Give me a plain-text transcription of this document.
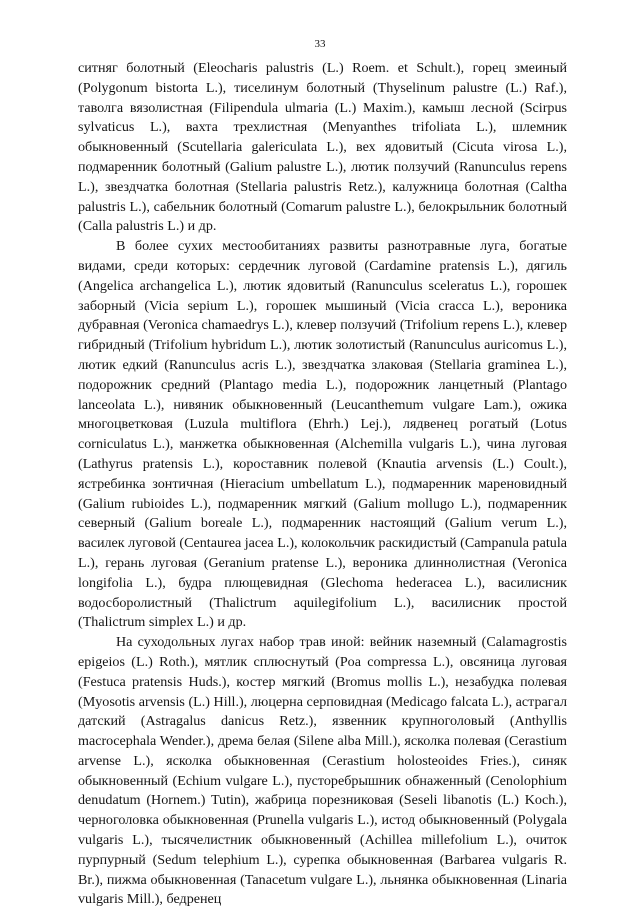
33

ситняг болотный (Eleocharis palustris (L.) Roem. et Schult.), горец змеиный (Polygonum bistorta L.), тиселинум болотный (Thyselinum palustre (L.) Raf.), таволга вязолистная (Filipendula ulmaria (L.) Maxim.), камыш лесной (Scirpus sylvaticus L.), вахта трехлистная (Menyanthes trifoliata L.), шлемник обыкновенный (Scutellaria galericulata L.), вех ядовитый (Cicuta virosa L.), подмаренник болотный (Galium palustre L.), лютик ползучий (Ranunculus repens L.), звездчатка болотная (Stellaria palustris Retz.), калужница болотная (Caltha palustris L.), сабельник болотный (Comarum palustre L.), белокрыльник болотный (Calla palustris L.) и др.

В более сухих местообитаниях развиты разнотравные луга, богатые видами, среди которых: сердечник луговой (Cardamine pratensis L.), дягиль (Angelica archangelica L.), лютик ядовитый (Ranunculus sceleratus L.), горошек заборный (Vicia sepium L.), горошек мышиный (Vicia cracca L.), вероника дубравная (Veronica chamaedrys L.), клевер ползучий (Trifolium repens L.), клевер гибридный (Trifolium hybridum L.), лютик золотистый (Ranunculus auricomus L.), лютик едкий (Ranunculus acris L.), звездчатка злаковая (Stellaria graminea L.), подорожник средний (Plantago media L.), подорожник ланцетный (Plantago lanceolata L.), нивяник обыкновенный (Leucanthemum vulgare Lam.), ожика многоцветковая (Luzula multiflora (Ehrh.) Lej.), лядвенец рогатый (Lotus corniculatus L.), манжетка обыкновенная (Alchemilla vulgaris L.), чина луговая (Lathyrus pratensis L.), короставник полевой (Knautia arvensis (L.) Coult.), ястребинка зонтичная (Hieracium umbellatum L.), подмаренник мареновидный (Galium rubioides L.), подмаренник мягкий (Galium mollugo L.), подмаренник северный (Galium boreale L.), подмаренник настоящий (Galium verum L.), василек луговой (Centaurea jacea L.), колокольчик раскидистый (Campanula patula L.), герань луговая (Geranium pratense L.), вероника длиннолистная (Veronica longifolia L.), будра плющевидная (Glechoma hederacea L.), василисник водосборолистный (Thalictrum aquilegifolium L.), василисник простой (Thalictrum simplex L.) и др.

На суходольных лугах набор трав иной: вейник наземный (Calamagrostis epigeios (L.) Roth.), мятлик сплюснутый (Poa compressa L.), овсяница луговая (Festuca pratensis Huds.), костер мягкий (Bromus mollis L.), незабудка полевая (Myosotis arvensis (L.) Hill.), люцерна серповидная (Medicago falcata L.), астрагал датский (Astragalus danicus Retz.), язвенник крупноголовый (Anthyllis macrocephala Wender.), дрема белая (Silene alba Mill.), ясколка полевая (Cerastium arvense L.), ясколка обыкновенная (Cerastium holosteoides Fries.), синяк обыкновенный (Echium vulgare L.), пусторебрышник обнаженный (Cenolophium denudatum (Hornem.) Tutin), жабрица порезниковая (Seseli libanotis (L.) Koch.), черноголовка обыкновенная (Prunella vulgaris L.), истод обыкновенный (Polygala vulgaris L.), тысячелистник обыкновенный (Achillea millefolium L.), очиток пурпурный (Sedum telephium L.), сурепка обыкновенная (Barbarea vulgaris R. Br.), пижма обыкновенная (Tanacetum vulgare L.), льнянка обыкновенная (Linaria vulgaris Mill.), бедренец
